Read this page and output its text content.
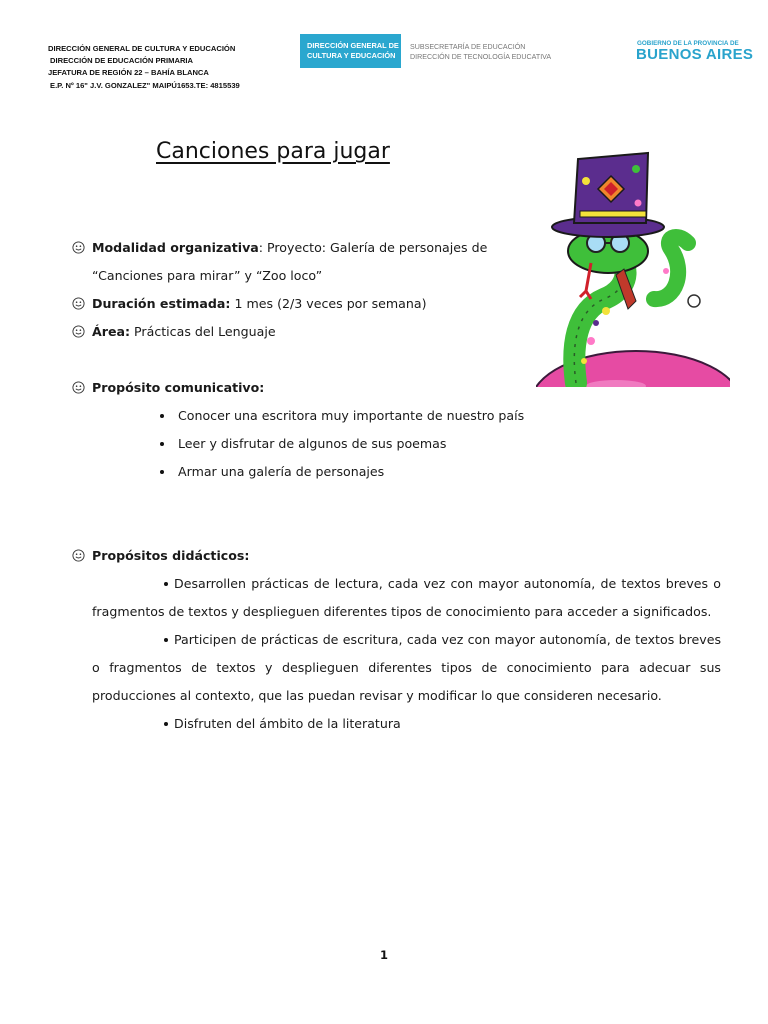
DIRECCIÓN GENERAL DE CULTURA Y EDUCACIÓN
DIRECCIÓN DE EDUCACIÓN PRIMARIA
JEFATURA DE REGIÓN 22 – BAHÍA BLANCA
E.P. Nº 16" J.V. GONZALEZ" MAIPÚ1653.TE: 4815539
DIRECCIÓN GENERAL DE
CULTURA Y EDUCACIÓN
SUBSECRETARÍA DE EDUCACIÓN
DIRECCIÓN DE TECNOLOGÍA EDUCATIVA
GOBIERNO DE LA PROVINCIA DE
BUENOS AIRES
Canciones para jugar
Modalidad organizativa: Proyecto: Galería de personajes de
“Canciones para mirar” y “Zoo loco”
Duración estimada: 1 mes (2/3 veces por semana)
Área: Prácticas del Lenguaje
Propósito comunicativo:
Conocer una escritora muy importante de nuestro país
Leer y disfrutar de algunos de sus poemas
Armar una galería de personajes
Propósitos didácticos:

Desarrollen prácticas de lectura, cada vez con mayor autonomía, de textos breves o fragmentos de textos y desplieguen diferentes tipos de conocimiento para acceder a significados.

Participen de prácticas de escritura, cada vez con mayor autonomía, de textos breves o fragmentos de textos y desplieguen diferentes tipos de conocimiento para adecuar sus producciones al contexto, que las puedan revisar y modificar lo que consideren necesario.

Disfruten del ámbito de la literatura

1
